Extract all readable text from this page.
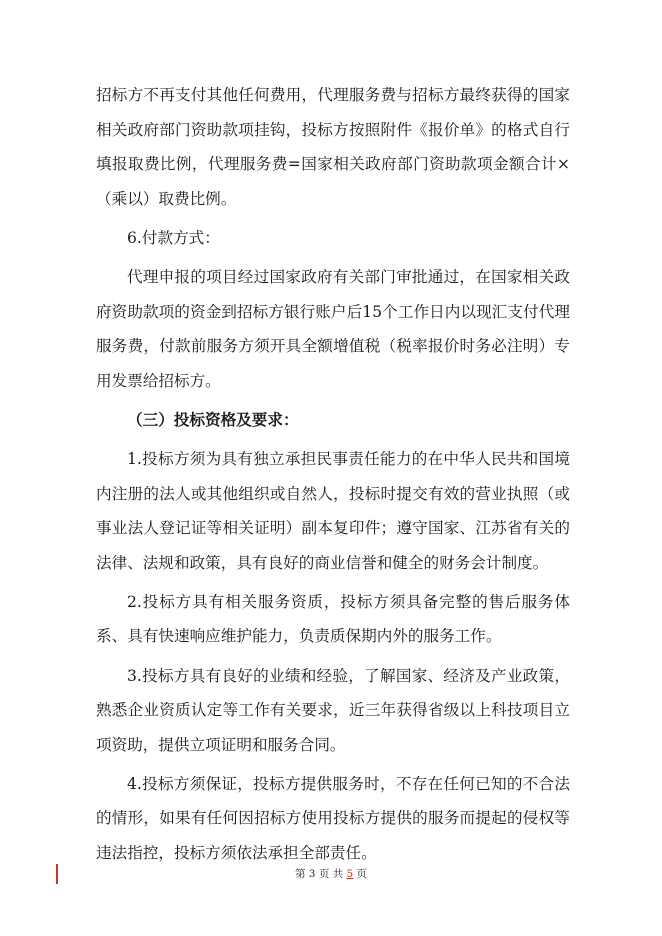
招标方不再支付其他任何费用，代理服务费与招标方最终获得的国家相关政府部门资助款项挂钩，投标方按照附件《报价单》的格式自行填报取费比例，代理服务费=国家相关政府部门资助款项金额合计×（乘以）取费比例。

6.付款方式：

代理申报的项目经过国家政府有关部门审批通过，在国家相关政府资助款项的资金到招标方银行账户后15个工作日内以现汇支付代理服务费，付款前服务方须开具全额增值税（税率报价时务必注明）专用发票给招标方。

（三）投标资格及要求：

1.投标方须为具有独立承担民事责任能力的在中华人民共和国境内注册的法人或其他组织或自然人，投标时提交有效的营业执照（或事业法人登记证等相关证明）副本复印件；遵守国家、江苏省有关的法律、法规和政策，具有良好的商业信誉和健全的财务会计制度。

2.投标方具有相关服务资质，投标方须具备完整的售后服务体系、具有快速响应维护能力，负责质保期内外的服务工作。

3.投标方具有良好的业绩和经验，了解国家、经济及产业政策，熟悉企业资质认定等工作有关要求，近三年获得省级以上科技项目立项资助，提供立项证明和服务合同。

4.投标方须保证，投标方提供服务时，不存在任何已知的不合法的情形，如果有任何因招标方使用投标方提供的服务而提起的侵权等违法指控，投标方须依法承担全部责任。

第 3 页 共 5 页
